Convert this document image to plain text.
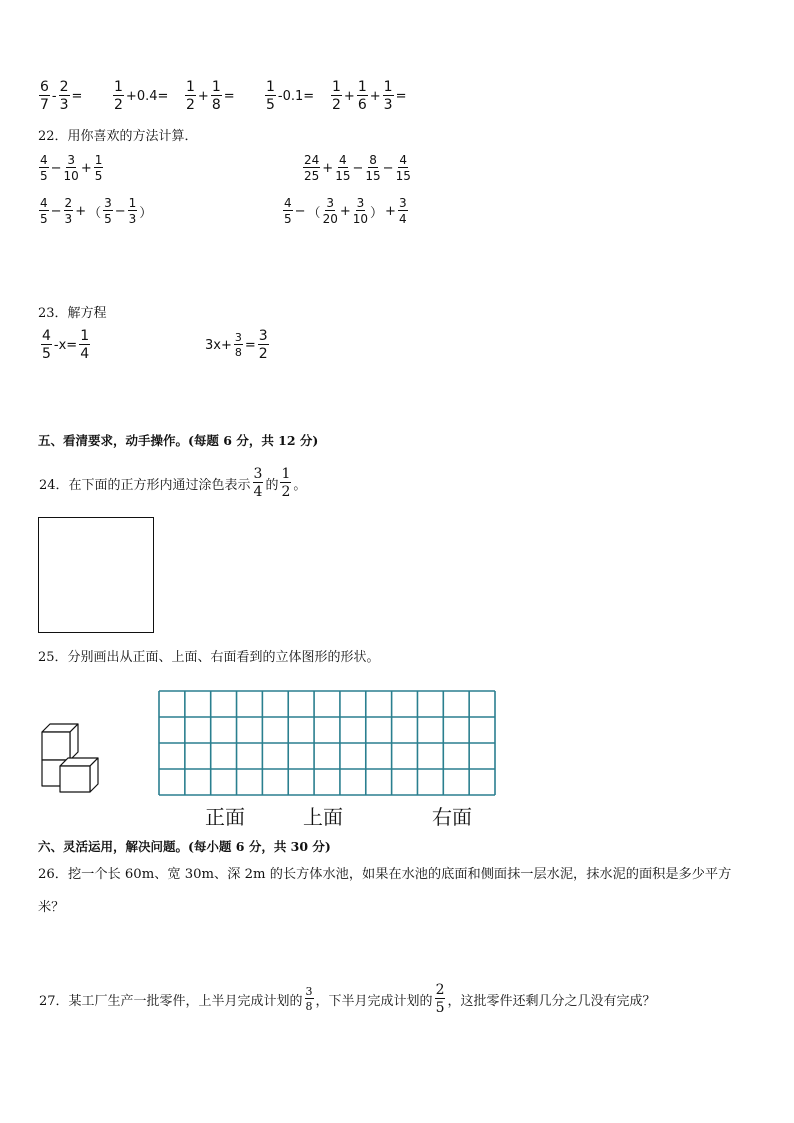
$\frac{6}{7} - \frac{2}{3} = \frac{1}{2} +0.4= \frac{1}{2} + \frac{1}{8} = \frac{1}{5} -0.1= \frac{1}{2} + \frac{1}{6} + \frac{1}{3}$ =
22．用你喜欢的方法计算．
$\frac{4}{5} - \frac{3}{10} + \frac{1}{5}$	$\frac{24}{25} + \frac{4}{15} - \frac{8}{15} - \frac{4}{15}$
$\frac{4}{5} - \frac{2}{3}$ + （ $\frac{3}{5} - \frac{1}{3}$ ）	$\frac{4}{5}$ − （ $\frac{3}{20} + \frac{3}{10}$ ） + $\frac{3}{4}$
23．解方程
$\frac{4}{5} -x= \frac{1}{4}$	$3x+ \frac{3}{8} = \frac{3}{2}$
五、看清要求，动手操作。(每题 6 分，共 12 分)
24．在下面的正方形内通过涂色表示 $\frac{3}{4}$ 的 $\frac{1}{2}$ 。
25．分别画出从正面、上面、右面看到的立体图形的形状。
正面	上面	右面
六、灵活运用，解决问题。(每小题 6 分，共 30 分)
26．挖一个长 60m、宽 30m、深 2m 的长方体水池，如果在水池的底面和侧面抹一层水泥，抹水泥的面积是多少平方
米？
27．某工厂生产一批零件，上半月完成计划的 $\frac{3}{8}$ ，下半月完成计划的 $\frac{2}{5}$ ，这批零件还剩几分之几没有完成？
